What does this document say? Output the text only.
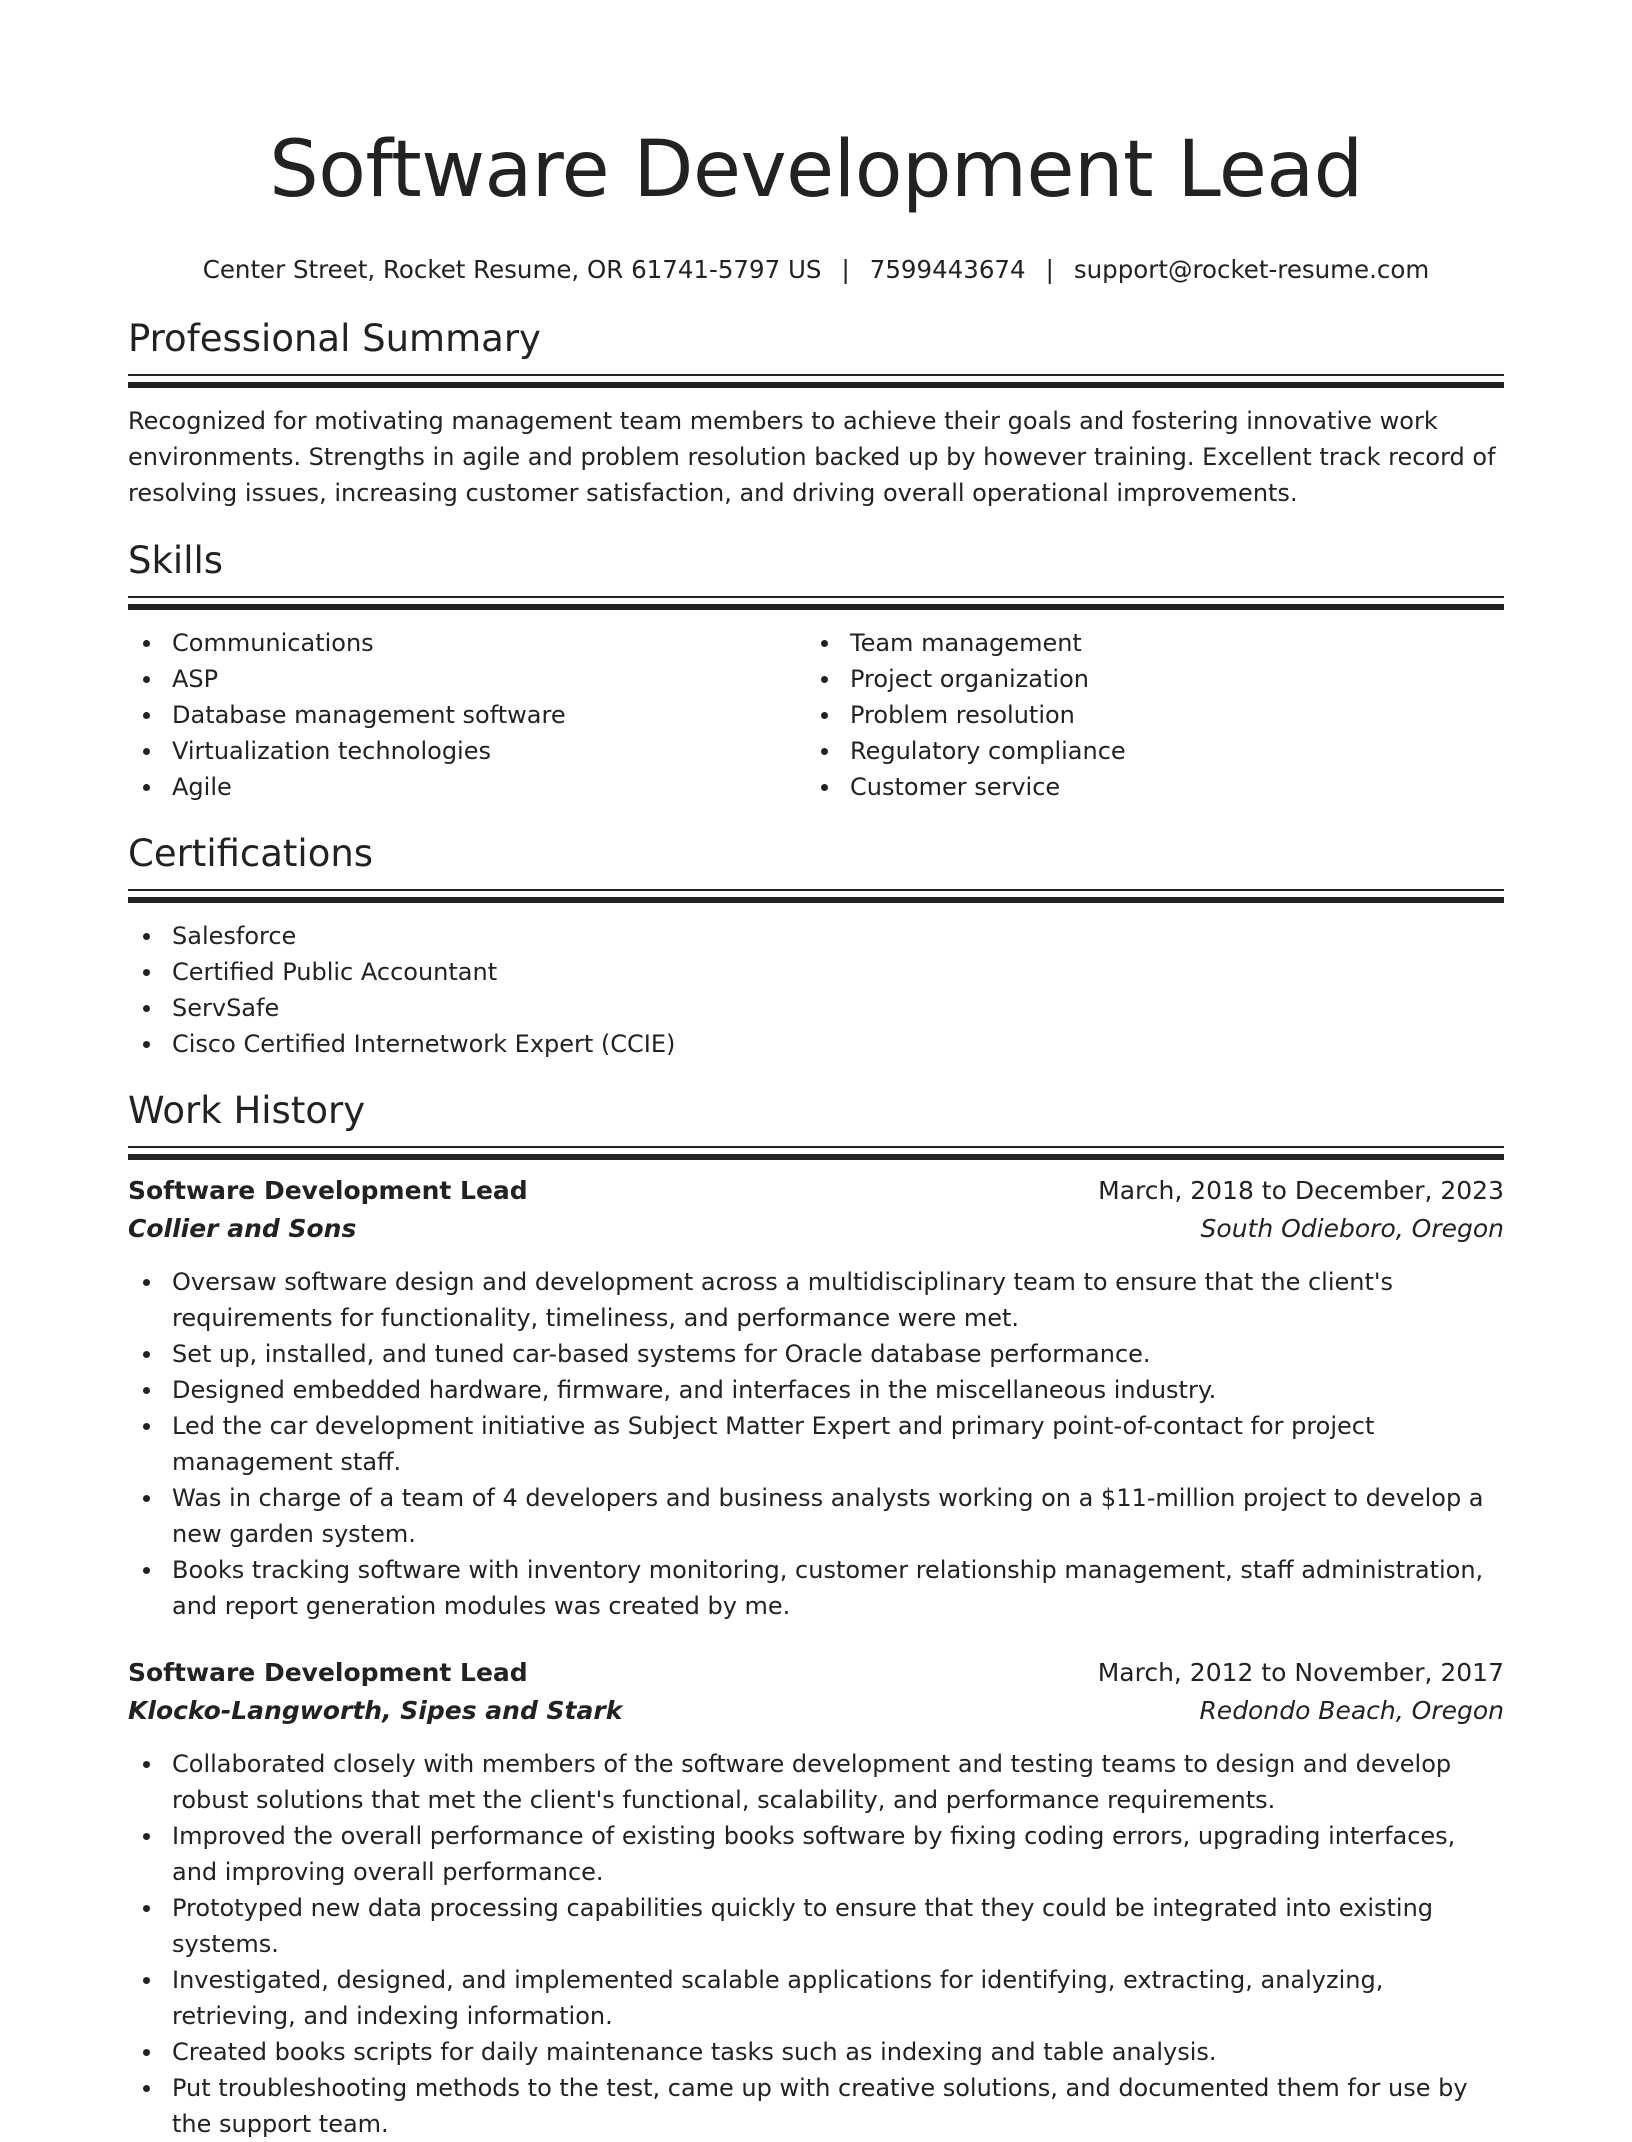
Software Development Lead
Center Street, Rocket Resume, OR 61741-5797 US | 7599443674 | support@rocket-resume.com
Professional Summary

Recognized for motivating management team members to achieve their goals and fostering innovative work environments. Strengths in agile and problem resolution backed up by however training. Excellent track record of resolving issues, increasing customer satisfaction, and driving overall operational improvements.

Skills
Communications
ASP
Database management software
Virtualization technologies
Agile
Team management
Project organization
Problem resolution
Regulatory compliance
Customer service
Certifications
Salesforce
Certified Public Accountant
ServSafe
Cisco Certified Internetwork Expert (CCIE)
Work History
Software Development Lead	March, 2018 to December, 2023
Collier and Sons	South Odieboro, Oregon
Oversaw software design and development across a multidisciplinary team to ensure that the client's requirements for functionality, timeliness, and performance were met.
Set up, installed, and tuned car-based systems for Oracle database performance.
Designed embedded hardware, firmware, and interfaces in the miscellaneous industry.
Led the car development initiative as Subject Matter Expert and primary point-of-contact for project management staff.
Was in charge of a team of 4 developers and business analysts working on a $11-million project to develop a new garden system.
Books tracking software with inventory monitoring, customer relationship management, staff administration, and report generation modules was created by me.
Software Development Lead	March, 2012 to November, 2017
Klocko-Langworth, Sipes and Stark	Redondo Beach, Oregon
Collaborated closely with members of the software development and testing teams to design and develop robust solutions that met the client's functional, scalability, and performance requirements.
Improved the overall performance of existing books software by fixing coding errors, upgrading interfaces, and improving overall performance.
Prototyped new data processing capabilities quickly to ensure that they could be integrated into existing systems.
Investigated, designed, and implemented scalable applications for identifying, extracting, analyzing, retrieving, and indexing information.
Created books scripts for daily maintenance tasks such as indexing and table analysis.
Put troubleshooting methods to the test, came up with creative solutions, and documented them for use by the support team.
